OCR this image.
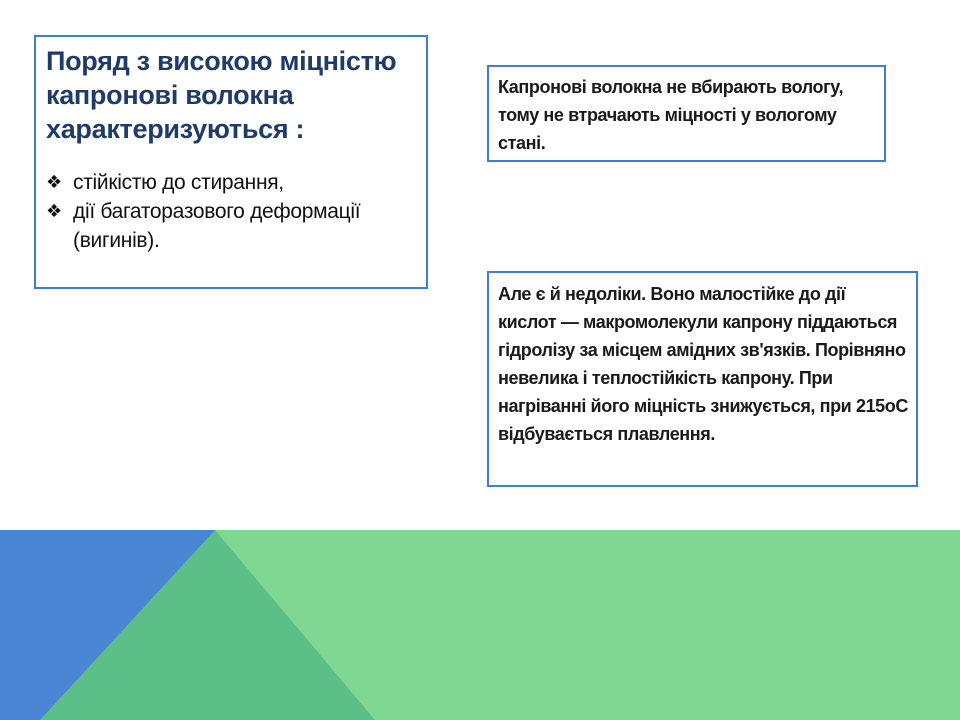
Поряд з високою міцністю капронові волокна характеризуються :

❖ стійкістю до стирання,
❖ дії багаторазового деформації (вигинів).

Капронові волокна не вбирають вологу, тому не втрачають міцності у вологому стані.

Але є й недоліки. Воно малостійке до дії кислот — макромолекули капрону піддаються гідролізу за місцем амідних зв'язків. Порівняно невелика і теплостійкість капрону. При нагріванні його міцність знижується, при 215оС відбувається плавлення.
